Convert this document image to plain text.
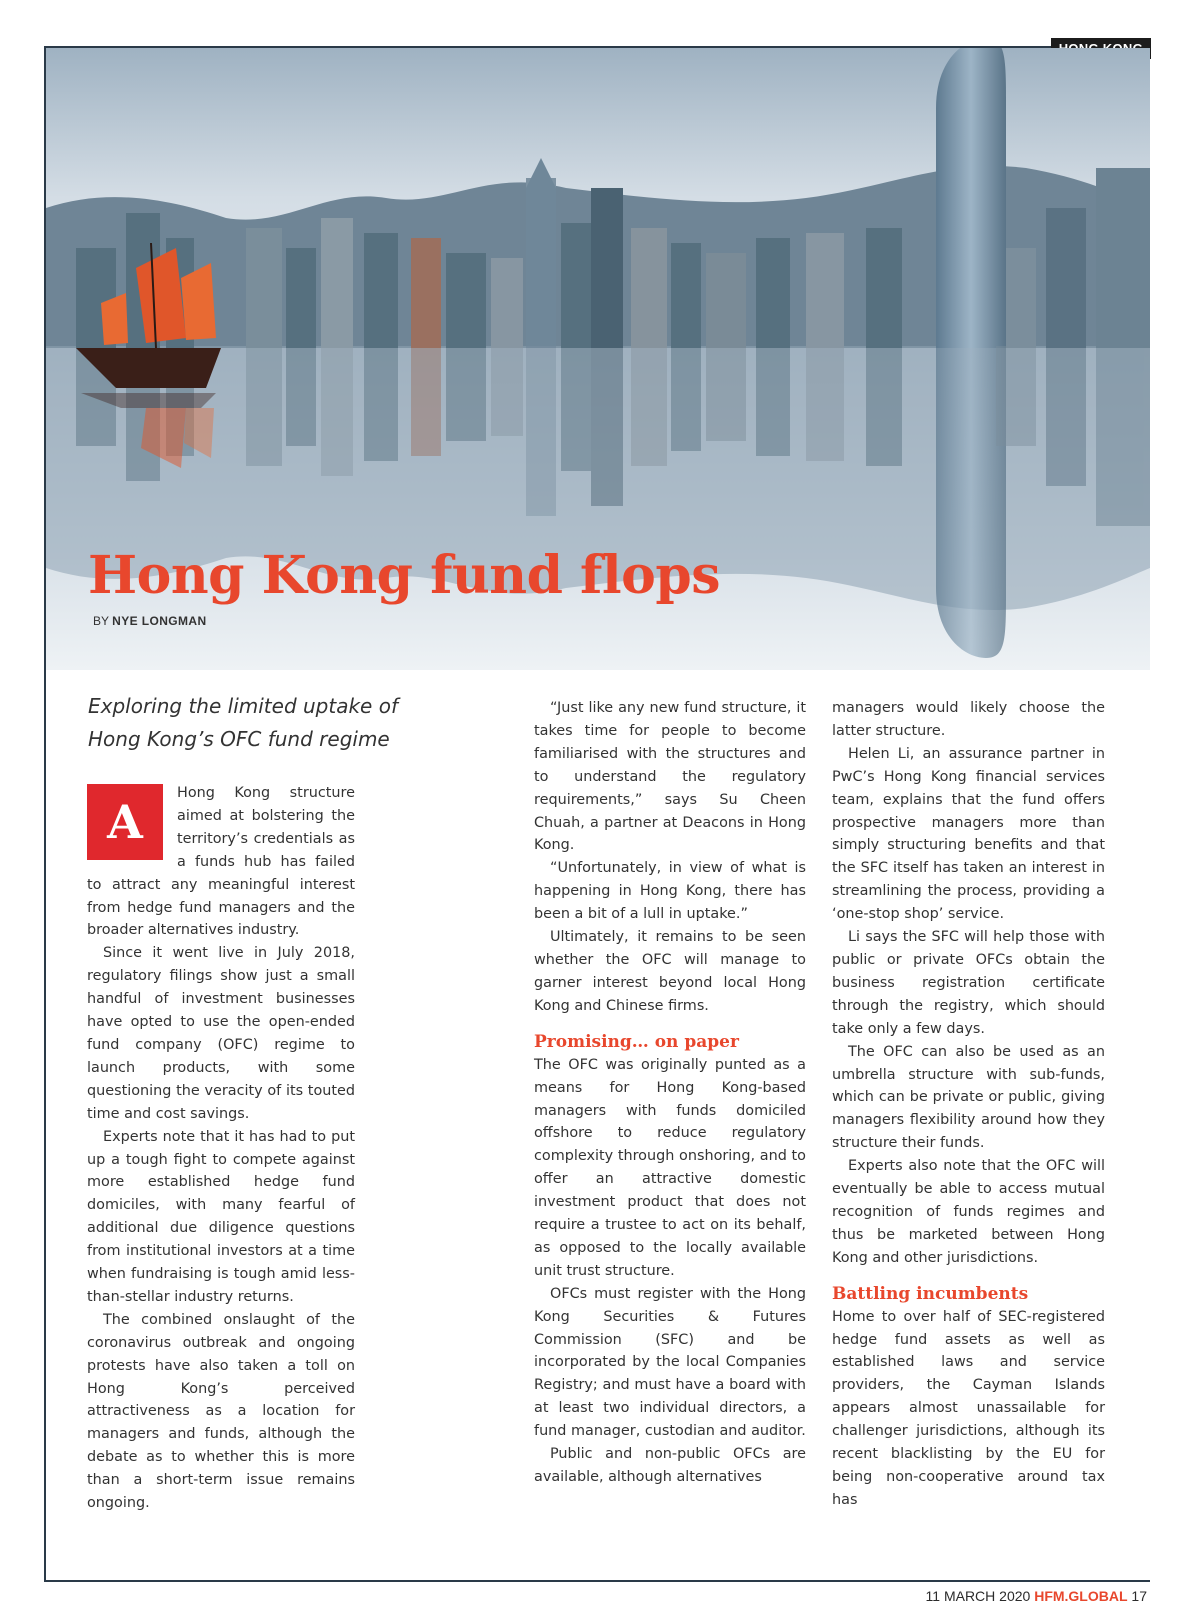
Hong Kong fund flops
BY NYE LONGMAN

Exploring the limited uptake of Hong Kong’s OFC fund regime

A
Hong Kong structure aimed at bolstering the territory’s credentials as a funds hub has failed to attract any meaningful interest from hedge fund managers and the broader alternatives industry.

Since it went live in July 2018, regulatory filings show just a small handful of investment businesses have opted to use the open-ended fund company (OFC) regime to launch products, with some questioning the veracity of its touted time and cost savings.

Experts note that it has had to put up a tough fight to compete against more established hedge fund domiciles, with many fearful of additional due diligence questions from institutional investors at a time when fundraising is tough amid less-than-stellar industry returns.

The combined onslaught of the coronavirus outbreak and ongoing protests have also taken a toll on Hong Kong’s perceived attractiveness as a location for managers and funds, although the debate as to whether this is more than a short-term issue remains ongoing.

“Just like any new fund structure, it takes time for people to become familiarised with the structures and to understand the regulatory requirements,” says Su Cheen Chuah, a partner at Deacons in Hong Kong.

“Unfortunately, in view of what is happening in Hong Kong, there has been a bit of a lull in uptake.”

Ultimately, it remains to be seen whether the OFC will manage to garner interest beyond local Hong Kong and Chinese firms.

Promising… on paper

The OFC was originally punted as a means for Hong Kong-based managers with funds domiciled offshore to reduce regulatory complexity through onshoring, and to offer an attractive domestic investment product that does not require a trustee to act on its behalf, as opposed to the locally available unit trust structure.

OFCs must register with the Hong Kong Securities & Futures Commission (SFC) and be incorporated by the local Companies Registry; and must have a board with at least two individual directors, a fund manager, custodian and auditor.

Public and non-public OFCs are available, although alternatives

managers would likely choose the latter structure.

Helen Li, an assurance partner in PwC’s Hong Kong financial services team, explains that the fund offers prospective managers more than simply structuring benefits and that the SFC itself has taken an interest in streamlining the process, providing a ‘one-stop shop’ service.

Li says the SFC will help those with public or private OFCs obtain the business registration certificate through the registry, which should take only a few days.

The OFC can also be used as an umbrella structure with sub-funds, which can be private or public, giving managers flexibility around how they structure their funds.

Experts also note that the OFC will eventually be able to access mutual recognition of funds regimes and thus be marketed between Hong Kong and other jurisdictions.

Battling incumbents

Home to over half of SEC-registered hedge fund assets as well as established laws and service providers, the Cayman Islands appears almost unassailable for challenger jurisdictions, although its recent blacklisting by the EU for being non-cooperative around tax has

11 MARCH 2020 HFM.GLOBAL 17
